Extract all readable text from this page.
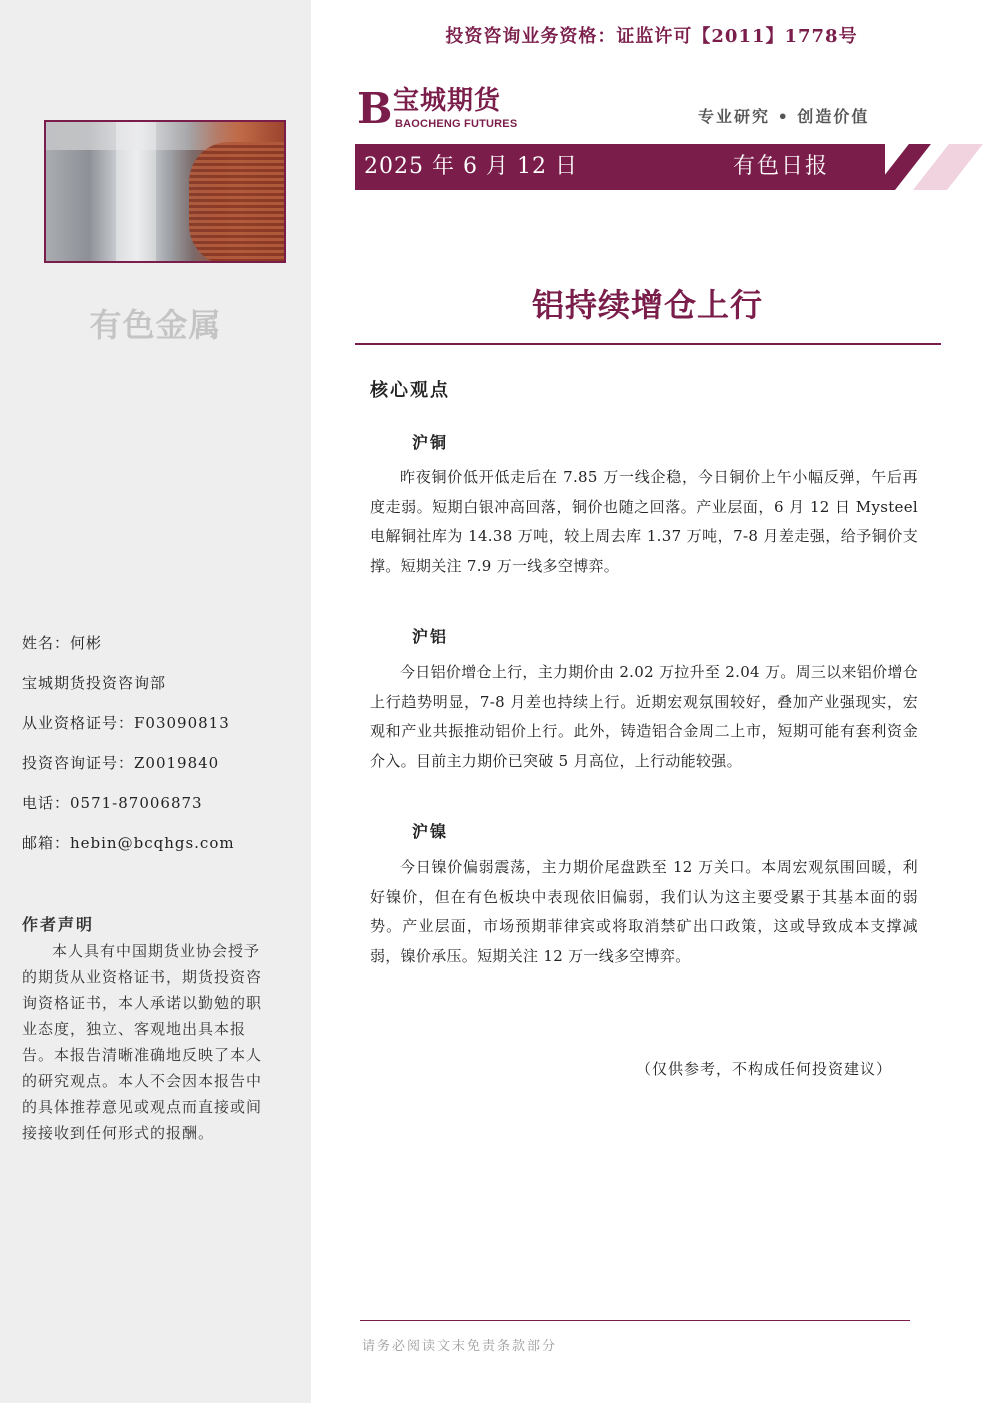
有色金属
姓名：何彬
宝城期货投资咨询部
从业资格证号：F03090813
投资咨询证号：Z0019840
电话：0571-87006873
邮箱：hebin@bcqhgs.com
作者声明
本人具有中国期货业协会授予的期货从业资格证书，期货投资咨询资格证书，本人承诺以勤勉的职业态度，独立、客观地出具本报告。本报告清晰准确地反映了本人的研究观点。本人不会因本报告中的具体推荐意见或观点而直接或间接接收到任何形式的报酬。
投资咨询业务资格：证监许可【2011】1778号
B 宝城期货
BAOCHENG FUTURES	专业研究 • 创造价值
2025 年 6 月 12 日	有色日报
铝持续增仓上行
核心观点
沪铜
昨夜铜价低开低走后在 7.85 万一线企稳，今日铜价上午小幅反弹，午后再度走弱。短期白银冲高回落，铜价也随之回落。产业层面，6 月 12 日 Mysteel 电解铜社库为 14.38 万吨，较上周去库 1.37 万吨，7-8 月差走强，给予铜价支撑。短期关注 7.9 万一线多空博弈。
沪铝
今日铝价增仓上行，主力期价由 2.02 万拉升至 2.04 万。周三以来铝价增仓上行趋势明显，7-8 月差也持续上行。近期宏观氛围较好，叠加产业强现实，宏观和产业共振推动铝价上行。此外，铸造铝合金周二上市，短期可能有套利资金介入。目前主力期价已突破 5 月高位，上行动能较强。
沪镍
今日镍价偏弱震荡，主力期价尾盘跌至 12 万关口。本周宏观氛围回暖，利好镍价，但在有色板块中表现依旧偏弱，我们认为这主要受累于其基本面的弱势。产业层面，市场预期菲律宾或将取消禁矿出口政策，这或导致成本支撑减弱，镍价承压。短期关注 12 万一线多空博弈。
（仅供参考，不构成任何投资建议）
请务必阅读文末免责条款部分
